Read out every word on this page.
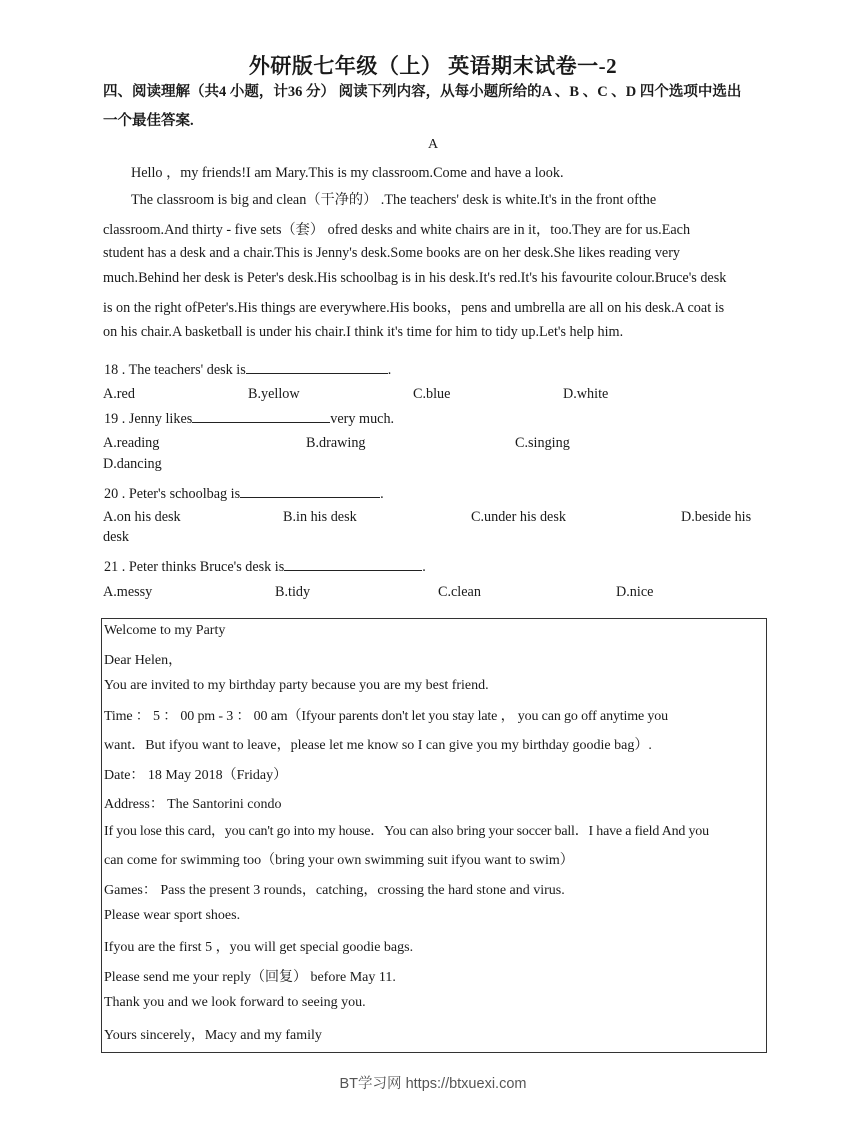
外研版七年级（上） 英语期末试卷一-2
四、阅读理解（共4 小题，计36 分） 阅读下列内容，从每小题所给的A 、B 、C 、D 四个选项中选出
一个最佳答案.
A
Hello ，my friends!I am Mary.This is my classroom.Come and have a look.
The classroom is big and clean（干净的） .The teachers' desk is white.It's in the front ofthe
classroom.And thirty - five sets（套） ofred desks and white chairs are in it，too.They are for us.Each
student has a desk and a chair.This is Jenny's desk.Some books are on her desk.She likes reading very
much.Behind her desk is Peter's desk.His schoolbag is in his desk.It's red.It's his favourite colour.Bruce's desk
is on the right ofPeter's.His things are everywhere.His books，pens and umbrella are all on his desk.A coat is
on his chair.A basketball is under his chair.I think it's time for him to tidy up.Let's help him.
18 . The teachers' desk is	.
A.red	B.yellow	C.blue	D.white
19 . Jenny likes	very much.
A.reading	B.drawing	C.singing
D.dancing
20 . Peter's schoolbag is	.
A.on his desk	B.in his desk	C.under his desk	D.beside his
desk
21 . Peter thinks Bruce's desk is	.
A.messy	B.tidy	C.clean	D.nice
Welcome to my Party
Dear Helen，
You are invited to my birthday party because you are my best friend.
Time ： 5 ： 00 pm - 3 ： 00 am（Ifyour parents don't let you stay late ， you can go off anytime you
want．But ifyou want to leave，please let me know so I can give you my birthday goodie bag）.
Date： 18 May 2018（Friday）
Address： The Santorini condo
If you lose this card，you can't go into my house．You can also bring your soccer ball．I have a field And you
can come for swimming too（bring your own swimming suit ifyou want to swim）
Games： Pass the present 3 rounds，catching，crossing the hard stone and virus.
Please wear sport shoes.
Ifyou are the first 5 ，you will get special goodie bags.
Please send me your reply（回复） before May 11.
Thank you and we look forward to seeing you.
Yours sincerely，Macy and my family
BT学习网 https://btxuexi.com
